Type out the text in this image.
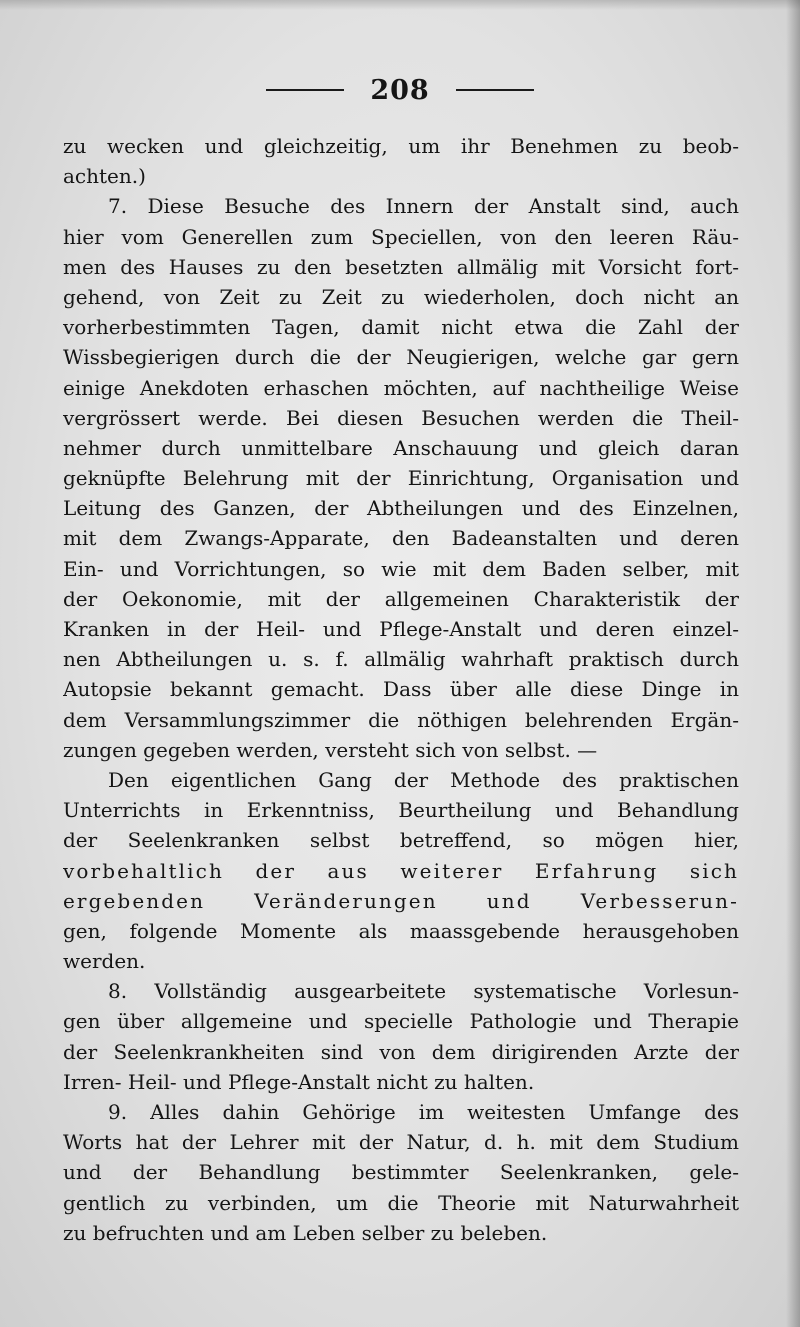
208
zu wecken und gleichzeitig, um ihr Benehmen zu beob-
achten.)
7. Diese Besuche des Innern der Anstalt sind, auch
hier vom Generellen zum Speciellen, von den leeren Räu-
men des Hauses zu den besetzten allmälig mit Vorsicht fort-
gehend, von Zeit zu Zeit zu wiederholen, doch nicht an
vorherbestimmten Tagen, damit nicht etwa die Zahl der
Wissbegierigen durch die der Neugierigen, welche gar gern
einige Anekdoten erhaschen möchten, auf nachtheilige Weise
vergrössert werde. Bei diesen Besuchen werden die Theil-
nehmer durch unmittelbare Anschauung und gleich daran
geknüpfte Belehrung mit der Einrichtung, Organisation und
Leitung des Ganzen, der Abtheilungen und des Einzelnen,
mit dem Zwangs-Apparate, den Badeanstalten und deren
Ein- und Vorrichtungen, so wie mit dem Baden selber, mit
der Oekonomie, mit der allgemeinen Charakteristik der
Kranken in der Heil- und Pflege-Anstalt und deren einzel-
nen Abtheilungen u. s. f. allmälig wahrhaft praktisch durch
Autopsie bekannt gemacht. Dass über alle diese Dinge in
dem Versammlungszimmer die nöthigen belehrenden Ergän-
zungen gegeben werden, versteht sich von selbst. —
Den eigentlichen Gang der Methode des praktischen
Unterrichts in Erkenntniss, Beurtheilung und Behandlung
der Seelenkranken selbst betreffend, so mögen hier,
vorbehaltlich der aus weiterer Erfahrung sich
ergebenden Veränderungen und Verbesserun-
gen, folgende Momente als maassgebende herausgehoben
werden.
8. Vollständig ausgearbeitete systematische Vorlesun-
gen über allgemeine und specielle Pathologie und Therapie
der Seelenkrankheiten sind von dem dirigirenden Arzte der
Irren- Heil- und Pflege-Anstalt nicht zu halten.
9. Alles dahin Gehörige im weitesten Umfange des
Worts hat der Lehrer mit der Natur, d. h. mit dem Studium
und der Behandlung bestimmter Seelenkranken, gele-
gentlich zu verbinden, um die Theorie mit Naturwahrheit
zu befruchten und am Leben selber zu beleben.
